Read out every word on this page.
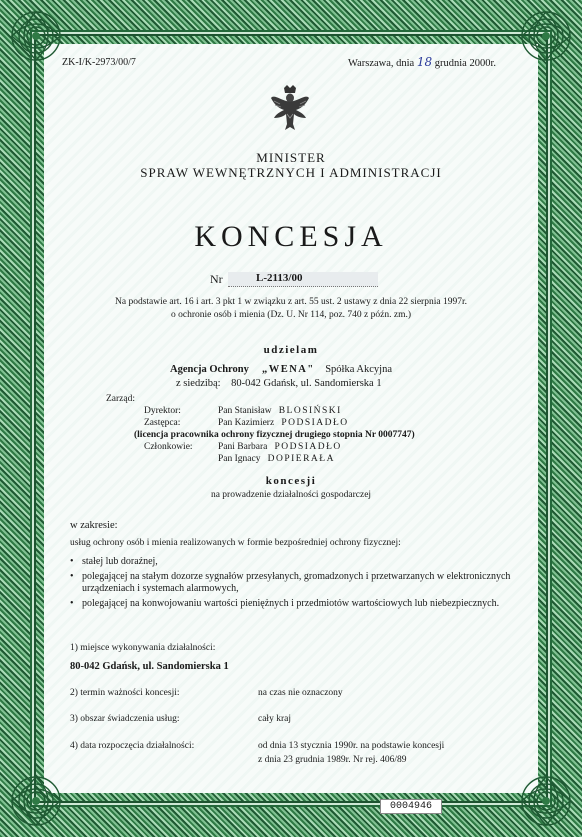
ZK-I/K-2973/00/7	Warszawa, dnia 18 grudnia 2000r.
MINISTER
SPRAW WEWNĘTRZNYCH I ADMINISTRACJI
KONCESJA
Nr	L-2113/00
Na podstawie art. 16 i art. 3 pkt 1 w związku z art. 55 ust. 2 ustawy z dnia 22 sierpnia 1997r.
o ochronie osób i mienia (Dz. U. Nr 114, poz. 740 z późn. zm.)
udzielam
Agencja Ochrony „WENA" Spółka Akcyjna
z siedzibą: 80-042 Gdańsk, ul. Sandomierska 1
Zarząd:
Dyrektor:	Pan Stanisław BLOSIŃSKI
Zastępca:	Pan Kazimierz PODSIADŁO
(licencja pracownika ochrony fizycznej drugiego stopnia Nr 0007747)
Członkowie:	Pani Barbara PODSIADŁO
Pan Ignacy DOPIERAŁA
koncesji
na prowadzenie działalności gospodarczej
w zakresie:
usług ochrony osób i mienia realizowanych w formie bezpośredniej ochrony fizycznej:
• stałej lub doraźnej,
• polegającej na stałym dozorze sygnałów przesyłanych, gromadzonych i przetwarzanych w elektronicznych urządzeniach i systemach alarmowych,
• polegającej na konwojowaniu wartości pieniężnych i przedmiotów wartościowych lub niebezpiecznych.
1) miejsce wykonywania działalności:
80-042 Gdańsk, ul. Sandomierska 1
2) termin ważności koncesji:	na czas nie oznaczony
3) obszar świadczenia usług:	cały kraj
4) data rozpoczęcia działalności:	od dnia 13 stycznia 1990r. na podstawie koncesji
z dnia 23 grudnia 1989r. Nr rej. 406/89
0004946
